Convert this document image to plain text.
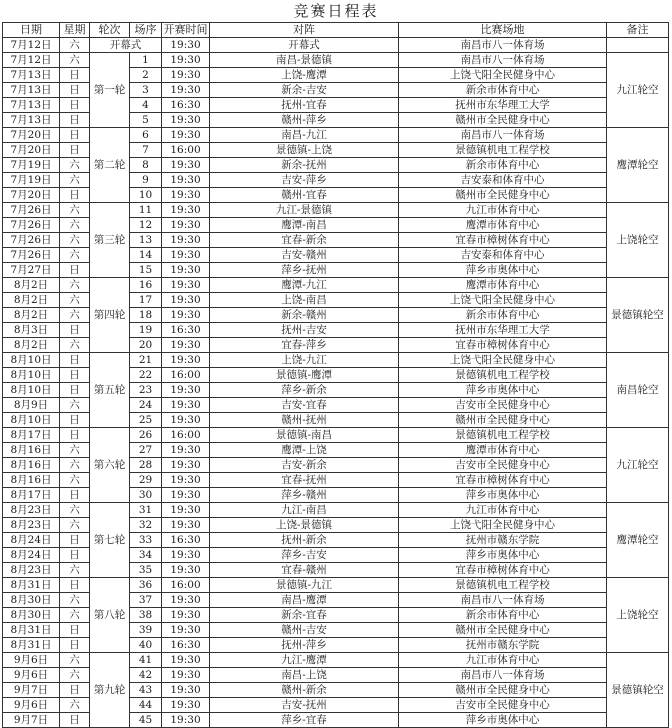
竞赛日程表
日期	星期	轮次	场序	开赛时间	对阵	比赛场地	备注
7月12日	六	开幕式		19:30	开幕式	南昌市八一体育场	
7月12日	六	第一轮	1	19:30	南昌-景德镇	南昌市八一体育场	九江轮空
7月13日	日		2	19:30	上饶-鹰潭	上饶弋阳全民健身中心	
7月13日	日		3	19:30	新余-吉安	新余市体育中心	
7月13日	日		4	16:30	抚州-宜春	抚州市东华理工大学	
7月13日	日		5	19:30	赣州-萍乡	赣州市全民健身中心	
7月20日	日	第二轮	6	19:30	南昌-九江	南昌市八一体育场	鹰潭轮空
7月20日	日		7	16:00	景德镇-上饶	景德镇机电工程学校	
7月19日	六		8	19:30	新余-抚州	新余市体育中心	
7月19日	六		9	19:30	吉安-萍乡	吉安泰和体育中心	
7月20日	日		10	19:30	赣州-宜春	赣州市全民健身中心	
7月26日	六	第三轮	11	19:30	九江-景德镇	九江市体育中心	上饶轮空
7月26日	六		12	19:30	鹰潭-南昌	鹰潭市体育中心	
7月26日	六		13	19:30	宜春-新余	宜春市樟树体育中心	
7月26日	六		14	19:30	吉安-赣州	吉安泰和体育中心	
7月27日	日		15	19:30	萍乡-抚州	萍乡市奥体中心	
8月2日	六	第四轮	16	19:30	鹰潭-九江	鹰潭市体育中心	景德镇轮空
8月2日	六		17	19:30	上饶-南昌	上饶弋阳全民健身中心	
8月2日	六		18	19:30	新余-赣州	新余市体育中心	
8月3日	日		19	16:30	抚州-吉安	抚州市东华理工大学	
8月2日	六		20	19:30	宜春-萍乡	宜春市樟树体育中心	
8月10日	日	第五轮	21	19:30	上饶-九江	上饶弋阳全民健身中心	南昌轮空
8月10日	日		22	16:00	景德镇-鹰潭	景德镇机电工程学校	
8月10日	日		23	19:30	萍乡-新余	萍乡市奥体中心	
8月9日	六		24	19:30	吉安-宜春	吉安市全民健身中心	
8月10日	日		25	19:30	赣州-抚州	赣州市全民健身中心	
8月17日	日	第六轮	26	16:00	景德镇-南昌	景德镇机电工程学校	九江轮空
8月16日	六		27	19:30	鹰潭-上饶	鹰潭市体育中心	
8月16日	六		28	19:30	吉安-新余	吉安市全民健身中心	
8月16日	六		29	19:30	宜春-抚州	宜春市樟树体育中心	
8月17日	日		30	19:30	萍乡-赣州	萍乡市奥体中心	
8月23日	六	第七轮	31	19:30	九江-南昌	九江市体育中心	鹰潭轮空
8月23日	六		32	19:30	上饶-景德镇	上饶弋阳全民健身中心	
8月24日	日		33	16:30	抚州-新余	抚州市赣东学院	
8月24日	日		34	19:30	萍乡-吉安	萍乡市奥体中心	
8月23日	六		35	19:30	宜春-赣州	宜春市樟树体育中心	
8月31日	日	第八轮	36	16:00	景德镇-九江	景德镇机电工程学校	上饶轮空
8月30日	六		37	19:30	南昌-鹰潭	南昌市八一体育场	
8月30日	六		38	19:30	新余-宜春	新余市体育中心	
8月31日	日		39	19:30	赣州-吉安	赣州市全民健身中心	
8月31日	日		40	16:30	抚州-萍乡	抚州市赣东学院	
9月6日	六	第九轮	41	19:30	九江-鹰潭	九江市体育中心	景德镇轮空
9月6日	六		42	19:30	南昌-上饶	南昌市八一体育场	
9月7日	日		43	19:30	赣州-新余	赣州市全民健身中心	
9月6日	六		44	19:30	吉安-抚州	吉安市全民健身中心	
9月7日	日		45	19:30	萍乡-宜春	萍乡市奥体中心	
